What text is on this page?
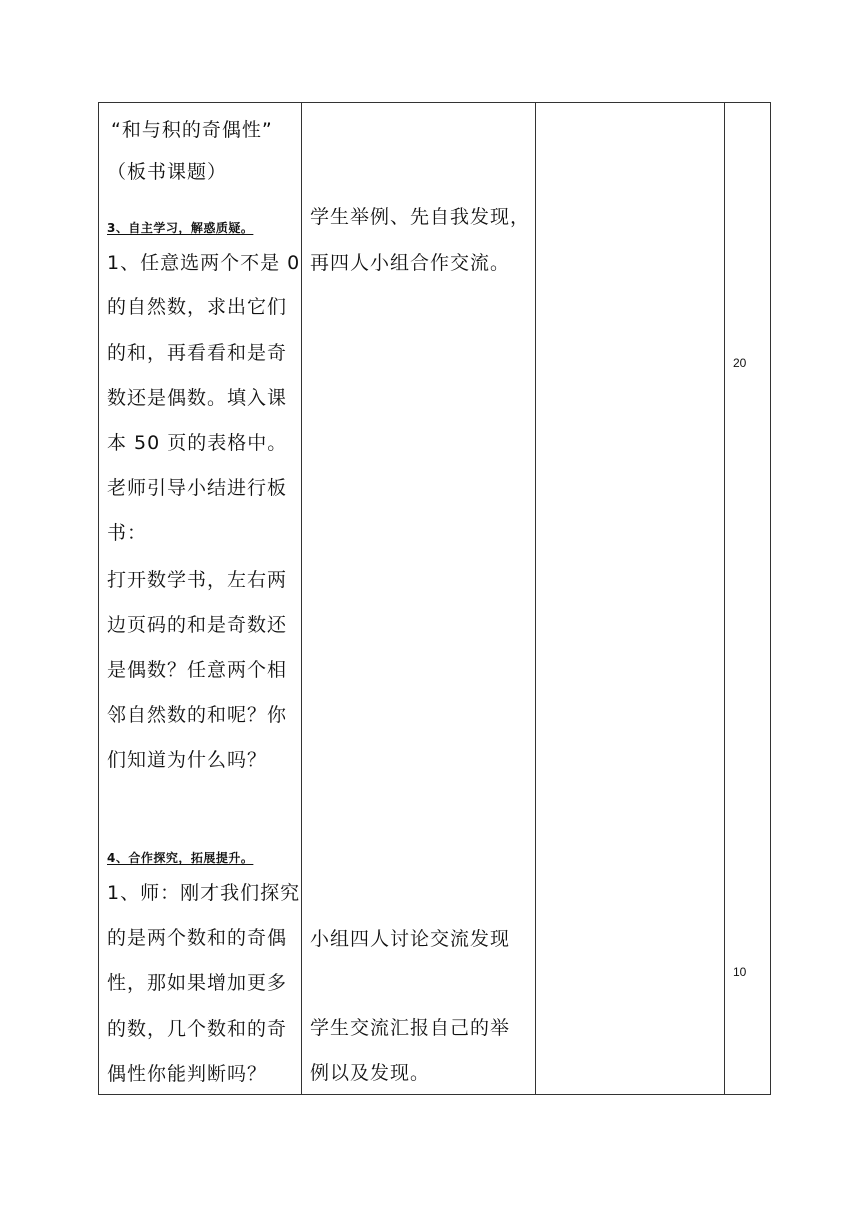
“和与积的奇偶性”
（板书课题）
3、自主学习，解惑质疑。
1、任意选两个不是 0
的自然数，求出它们
的和，再看看和是奇
数还是偶数。填入课
本 50 页的表格中。
老师引导小结进行板
书：
打开数学书，左右两
边页码的和是奇数还
是偶数？任意两个相
邻自然数的和呢？你
们知道为什么吗？
4、合作探究，拓展提升。
1、师：刚才我们探究
的是两个数和的奇偶
性，那如果增加更多
的数，几个数和的奇
偶性你能判断吗？
学生举例、先自我发现，
再四人小组合作交流。
小组四人讨论交流发现
学生交流汇报自己的举
例以及发现。
20
10
